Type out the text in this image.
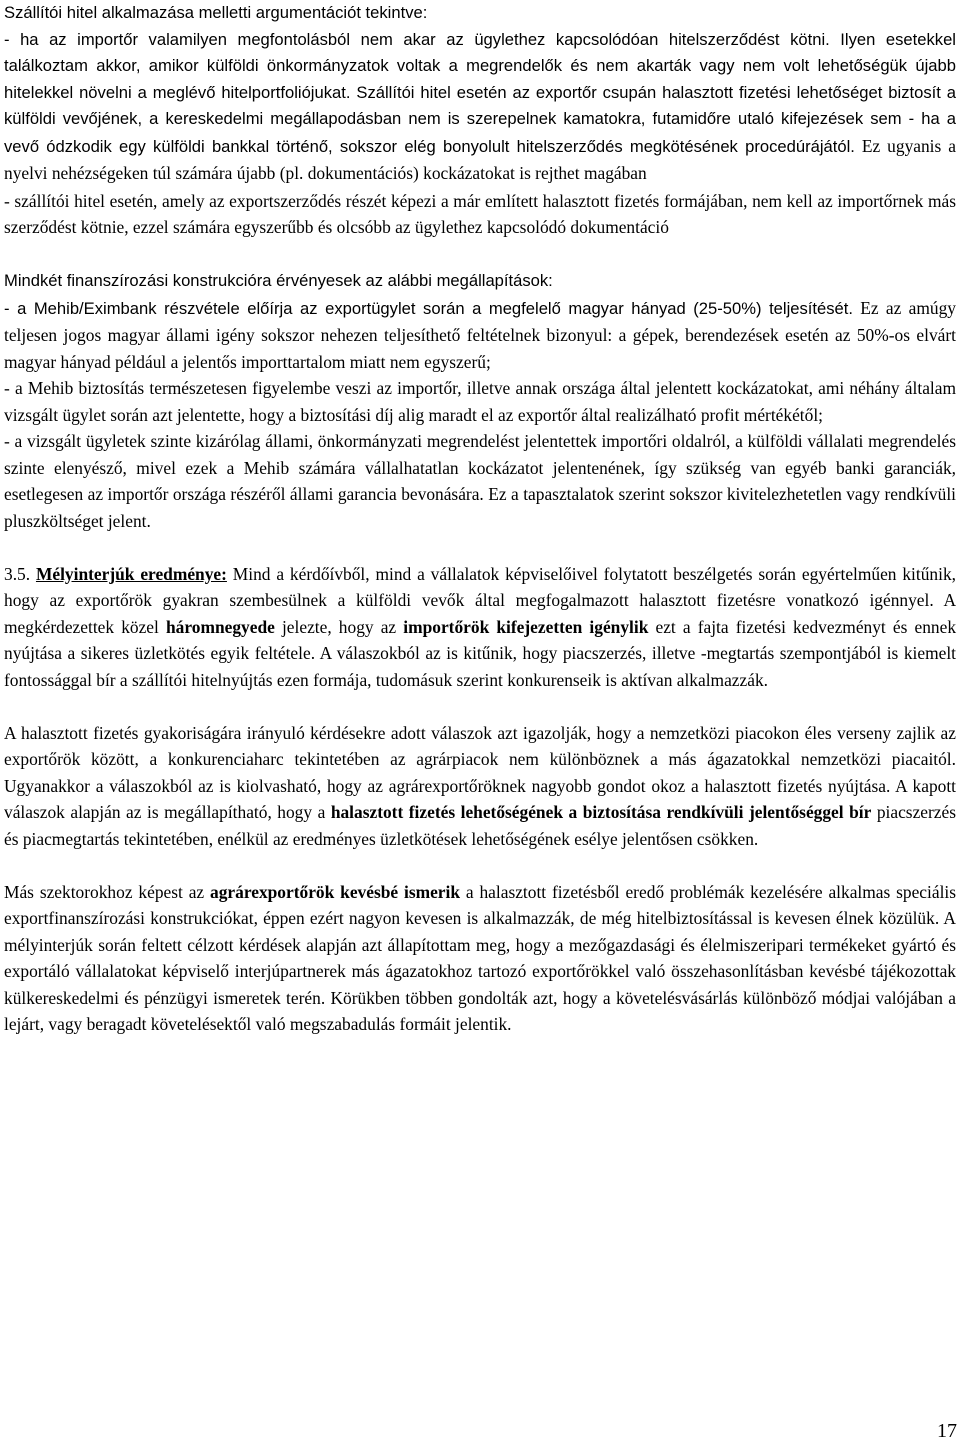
Szállítói hitel alkalmazása melletti argumentációt tekintve:
- ha az importőr valamilyen megfontolásból nem akar az ügylethez kapcsolódóan hitelszerződést kötni. Ilyen esetekkel találkoztam akkor, amikor külföldi önkormányzatok voltak a megrendelők és nem akarták vagy nem volt lehetőségük újabb hitelekkel növelni a meglévő hitelportfoliójukat. Szállítói hitel esetén az exportőr csupán halasztott fizetési lehetőséget biztosít a külföldi vevőjének, a kereskedelmi megállapodásban nem is szerepelnek kamatokra, futamidőre utaló kifejezések sem - ha a vevő ódzkodik egy külföldi bankkal történő, sokszor elég bonyolult hitelszerződés megkötésének procedúrájától. Ez ugyanis a nyelvi nehézségeken túl számára újabb (pl. dokumentációs) kockázatokat is rejthet magában

- szállítói hitel esetén, amely az exportszerződés részét képezi a már említett halasztott fizetés formájában, nem kell az importőrnek más szerződést kötnie, ezzel számára egyszerűbb és olcsóbb az ügylethez kapcsolódó dokumentáció

Mindkét finanszírozási konstrukcióra érvényesek az alábbi megállapítások:

- a Mehib/Eximbank részvétele előírja az exportügylet során a megfelelő magyar hányad (25-50%) teljesítését. Ez az amúgy teljesen jogos magyar állami igény sokszor nehezen teljesíthető feltételnek bizonyul: a gépek, berendezések esetén az 50%-os elvárt magyar hányad például a jelentős importtartalom miatt nem egyszerű;

- a Mehib biztosítás természetesen figyelembe veszi az importőr, illetve annak országa által jelentett kockázatokat, ami néhány általam vizsgált ügylet során azt jelentette, hogy a biztosítási díj alig maradt el az exportőr által realizálható profit mértékétől;

- a vizsgált ügyletek szinte kizárólag állami, önkormányzati megrendelést jelentettek importőri oldalról, a külföldi vállalati megrendelés szinte elenyésző, mivel ezek a Mehib számára vállalhatatlan kockázatot jelentenének, így szükség van egyéb banki garanciák, esetlegesen az importőr országa részéről állami garancia bevonására. Ez a tapasztalatok szerint sokszor kivitelezhetetlen vagy rendkívüli pluszköltséget jelent.

3.5. Mélyinterjúk eredménye: Mind a kérdőívből, mind a vállalatok képviselőivel folytatott beszélgetés során egyértelműen kitűnik, hogy az exportőrök gyakran szembesülnek a külföldi vevők által megfogalmazott halasztott fizetésre vonatkozó igénnyel. A megkérdezettek közel háromnegyede jelezte, hogy az importőrök kifejezetten igénylik ezt a fajta fizetési kedvezményt és ennek nyújtása a sikeres üzletkötés egyik feltétele. A válaszokból az is kitűnik, hogy piacszerzés, illetve -megtartás szempontjából is kiemelt fontossággal bír a szállítói hitelnyújtás ezen formája, tudomásuk szerint konkurenseik is aktívan alkalmazzák.

A halasztott fizetés gyakoriságára irányuló kérdésekre adott válaszok azt igazolják, hogy a nemzetközi piacokon éles verseny zajlik az exportőrök között, a konkurenciaharc tekintetében az agrárpiacok nem különböznek a más ágazatokkal nemzetközi piacaitól. Ugyanakkor a válaszokból az is kiolvasható, hogy az agrárexportőröknek nagyobb gondot okoz a halasztott fizetés nyújtása. A kapott válaszok alapján az is megállapítható, hogy a halasztott fizetés lehetőségének a biztosítása rendkívüli jelentőséggel bír piacszerzés és piacmegtartás tekintetében, enélkül az eredményes üzletkötések lehetőségének esélye jelentősen csökken.

Más szektorokhoz képest az agrárexportőrök kevésbé ismerik a halasztott fizetésből eredő problémák kezelésére alkalmas speciális exportfinanszírozási konstrukciókat, éppen ezért nagyon kevesen is alkalmazzák, de még hitelbiztosítással is kevesen élnek közülük. A mélyinterjúk során feltett célzott kérdések alapján azt állapítottam meg, hogy a mezőgazdasági és élelmiszeripari termékeket gyártó és exportáló vállalatokat képviselő interjúpartnerek más ágazatokhoz tartozó exportőrökkel való összehasonlításban kevésbé tájékozottak külkereskedelmi és pénzügyi ismeretek terén. Körükben többen gondolták azt, hogy a követelésvásárlás különböző módjai valójában a lejárt, vagy beragadt követelésektől való megszabadulás formáit jelentik.

17
